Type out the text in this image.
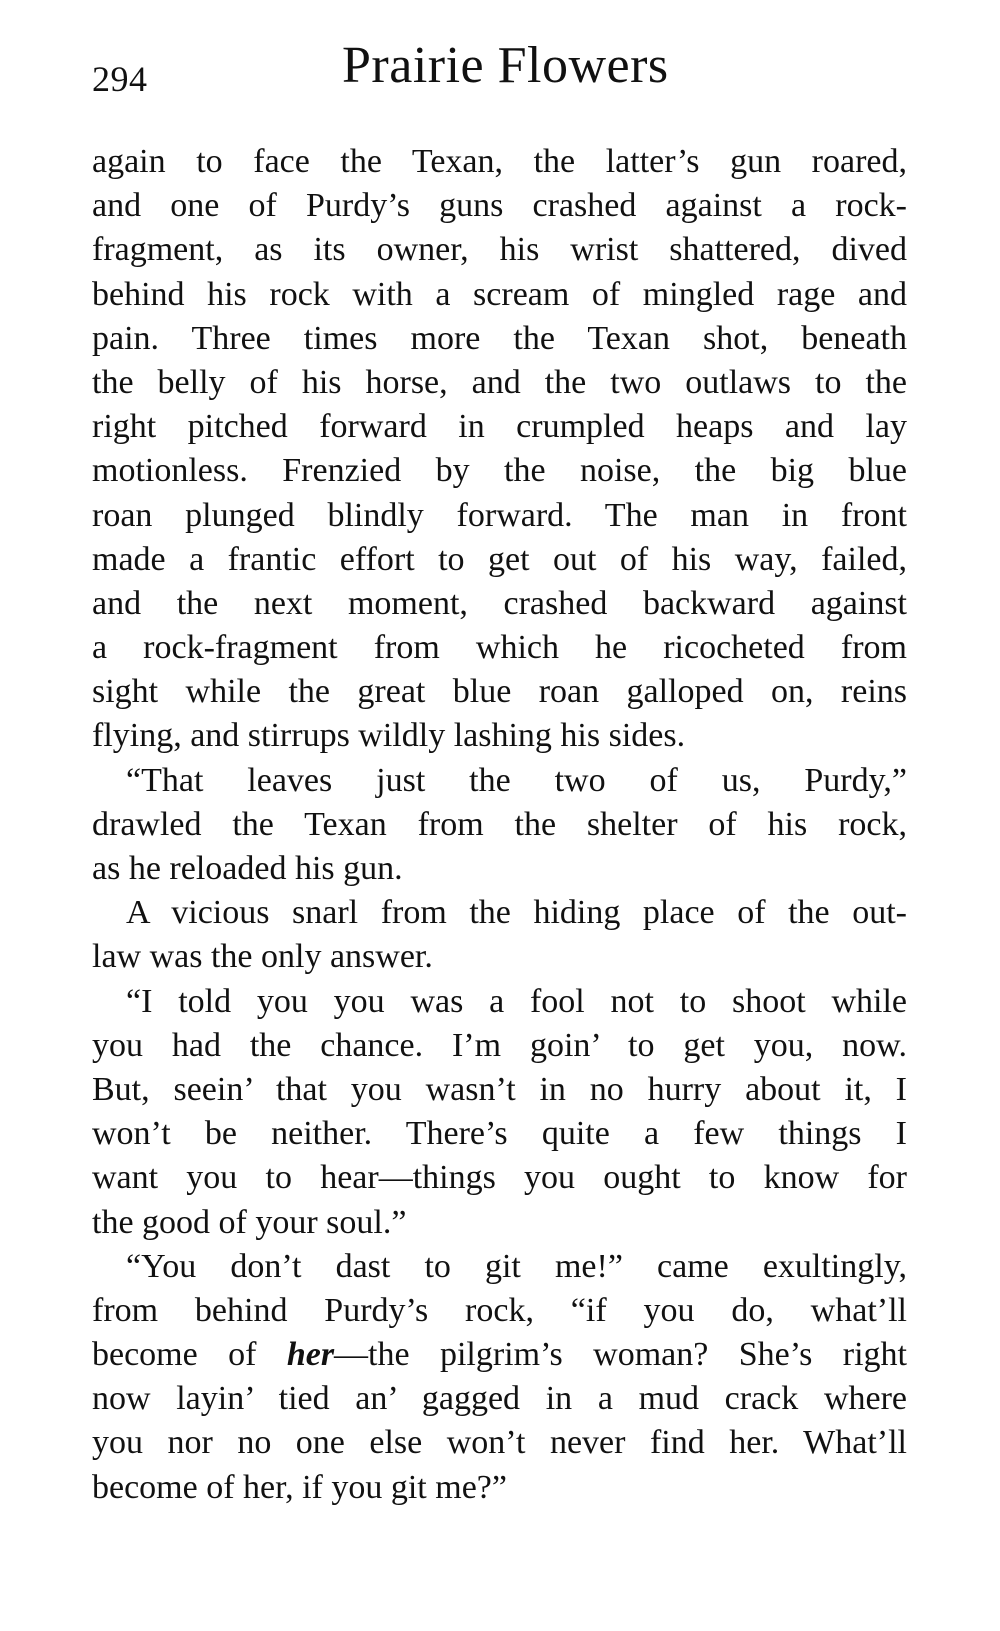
294	Prairie Flowers
again to face the Texan, the latter’s gun roared,
and one of Purdy’s guns crashed against a rock-
fragment, as its owner, his wrist shattered, dived
behind his rock with a scream of mingled rage and
pain. Three times more the Texan shot, beneath
the belly of his horse, and the two outlaws to the
right pitched forward in crumpled heaps and lay
motionless. Frenzied by the noise, the big blue
roan plunged blindly forward. The man in front
made a frantic effort to get out of his way, failed,
and the next moment, crashed backward against
a rock-fragment from which he ricocheted from
sight while the great blue roan galloped on, reins
flying, and stirrups wildly lashing his sides.
“That leaves just the two of us, Purdy,”
drawled the Texan from the shelter of his rock,
as he reloaded his gun.
A vicious snarl from the hiding place of the out-
law was the only answer.
“I told you you was a fool not to shoot while
you had the chance. I’m goin’ to get you, now.
But, seein’ that you wasn’t in no hurry about it, I
won’t be neither. There’s quite a few things I
want you to hear—things you ought to know for
the good of your soul.”
“You don’t dast to git me!” came exultingly,
from behind Purdy’s rock, “if you do, what’ll
become of her—the pilgrim’s woman? She’s right
now layin’ tied an’ gagged in a mud crack where
you nor no one else won’t never find her. What’ll
become of her, if you git me?”
